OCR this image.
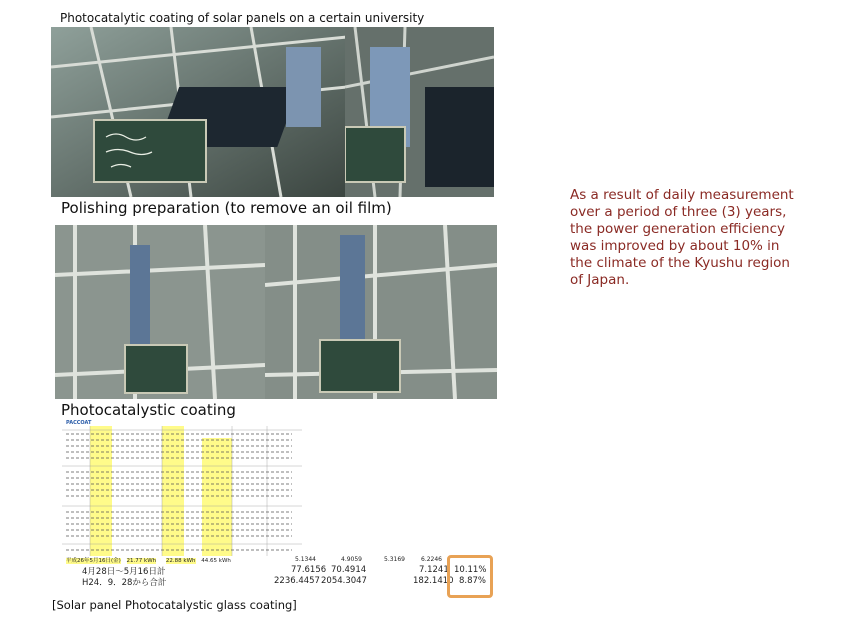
Photocatalytic coating of solar panels on a certain university
Polishing preparation (to remove an oil film)
Photocatalystic coating
PACCOAT
平成26年5月16日(金) 21.77 kWh 22.88 kWh 44.65 kWh	5.1344	4.9059	5.3169	6.2246
4月28日～5月16日計	77.6156 70.4914	7.1241 10.11%
H24．9．28から合計	2236.4457 2054.3047	182.1410 8.87%
[Solar panel Photocatalystic glass coating]
As a result of daily measurement over a period of three (3) years, the power generation efficiency was improved by about 10% in the climate of the Kyushu region of Japan.
